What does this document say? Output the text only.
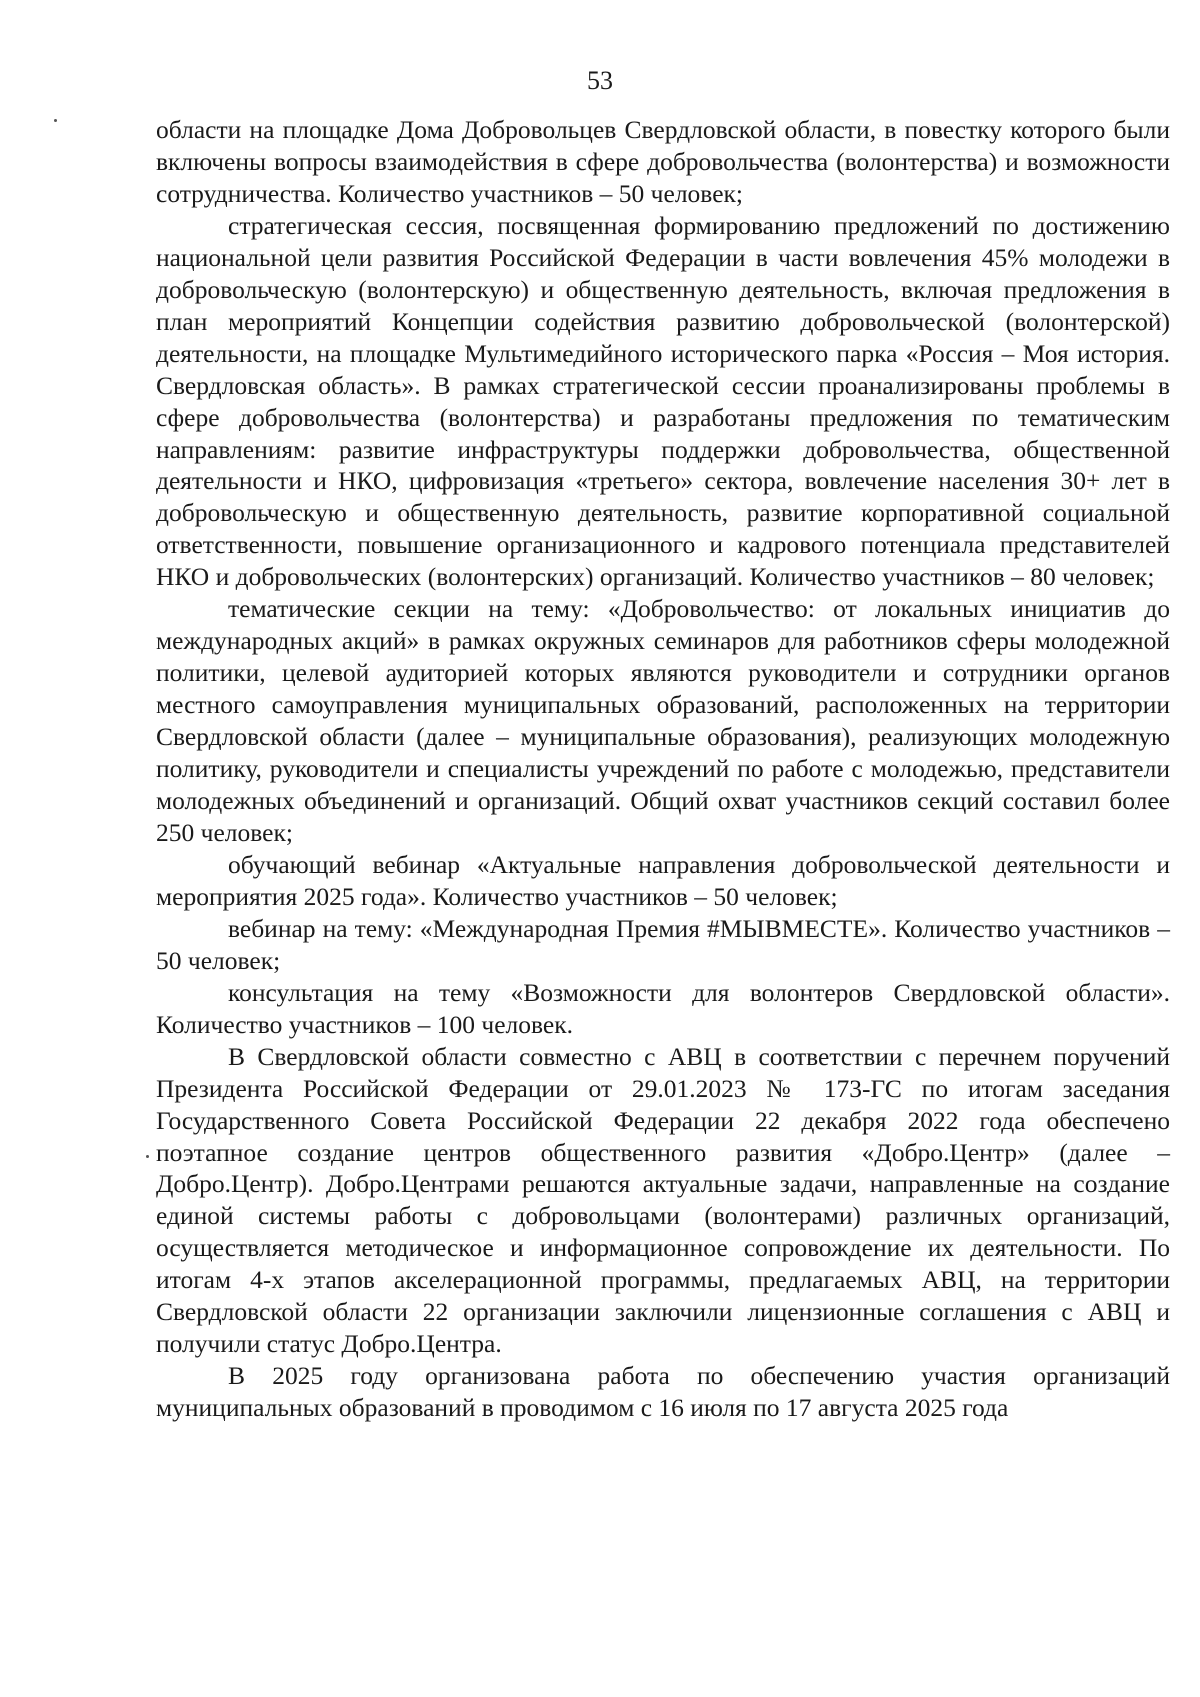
53

области на площадке Дома Добровольцев Свердловской области, в повестку которого были включены вопросы взаимодействия в сфере добровольчества (волонтерства) и возможности сотрудничества. Количество участников – 50 человек;

стратегическая сессия, посвященная формированию предложений по достижению национальной цели развития Российской Федерации в части вовлечения 45% молодежи в добровольческую (волонтерскую) и общественную деятельность, включая предложения в план мероприятий Концепции содействия развитию добровольческой (волонтерской) деятельности, на площадке Мультимедийного исторического парка «Россия – Моя история. Свердловская область». В рамках стратегической сессии проанализированы проблемы в сфере добровольчества (волонтерства) и разработаны предложения по тематическим направлениям: развитие инфраструктуры поддержки добровольчества, общественной деятельности и НКО, цифровизация «третьего» сектора, вовлечение населения 30+ лет в добровольческую и общественную деятельность, развитие корпоративной социальной ответственности, повышение организационного и кадрового потенциала представителей НКО и добровольческих (волонтерских) организаций. Количество участников – 80 человек;

тематические секции на тему: «Добровольчество: от локальных инициатив до международных акций» в рамках окружных семинаров для работников сферы молодежной политики, целевой аудиторией которых являются руководители и сотрудники органов местного самоуправления муниципальных образований, расположенных на территории Свердловской области (далее – муниципальные образования), реализующих молодежную политику, руководители и специалисты учреждений по работе с молодежью, представители молодежных объединений и организаций. Общий охват участников секций составил более 250 человек;

обучающий вебинар «Актуальные направления добровольческой деятельности и мероприятия 2025 года». Количество участников – 50 человек;

вебинар на тему: «Международная Премия #МЫВМЕСТЕ». Количество участников – 50 человек;

консультация на тему «Возможности для волонтеров Свердловской области». Количество участников – 100 человек.

В Свердловской области совместно с АВЦ в соответствии с перечнем поручений Президента Российской Федерации от 29.01.2023 № 173-ГС по итогам заседания Государственного Совета Российской Федерации 22 декабря 2022 года обеспечено поэтапное создание центров общественного развития «Добро.Центр» (далее – Добро.Центр). Добро.Центрами решаются актуальные задачи, направленные на создание единой системы работы с добровольцами (волонтерами) различных организаций, осуществляется методическое и информационное сопровождение их деятельности. По итогам 4-х этапов акселерационной программы, предлагаемых АВЦ, на территории Свердловской области 22 организации заключили лицензионные соглашения с АВЦ и получили статус Добро.Центра.

В 2025 году организована работа по обеспечению участия организаций муниципальных образований в проводимом с 16 июля по 17 августа 2025 года
